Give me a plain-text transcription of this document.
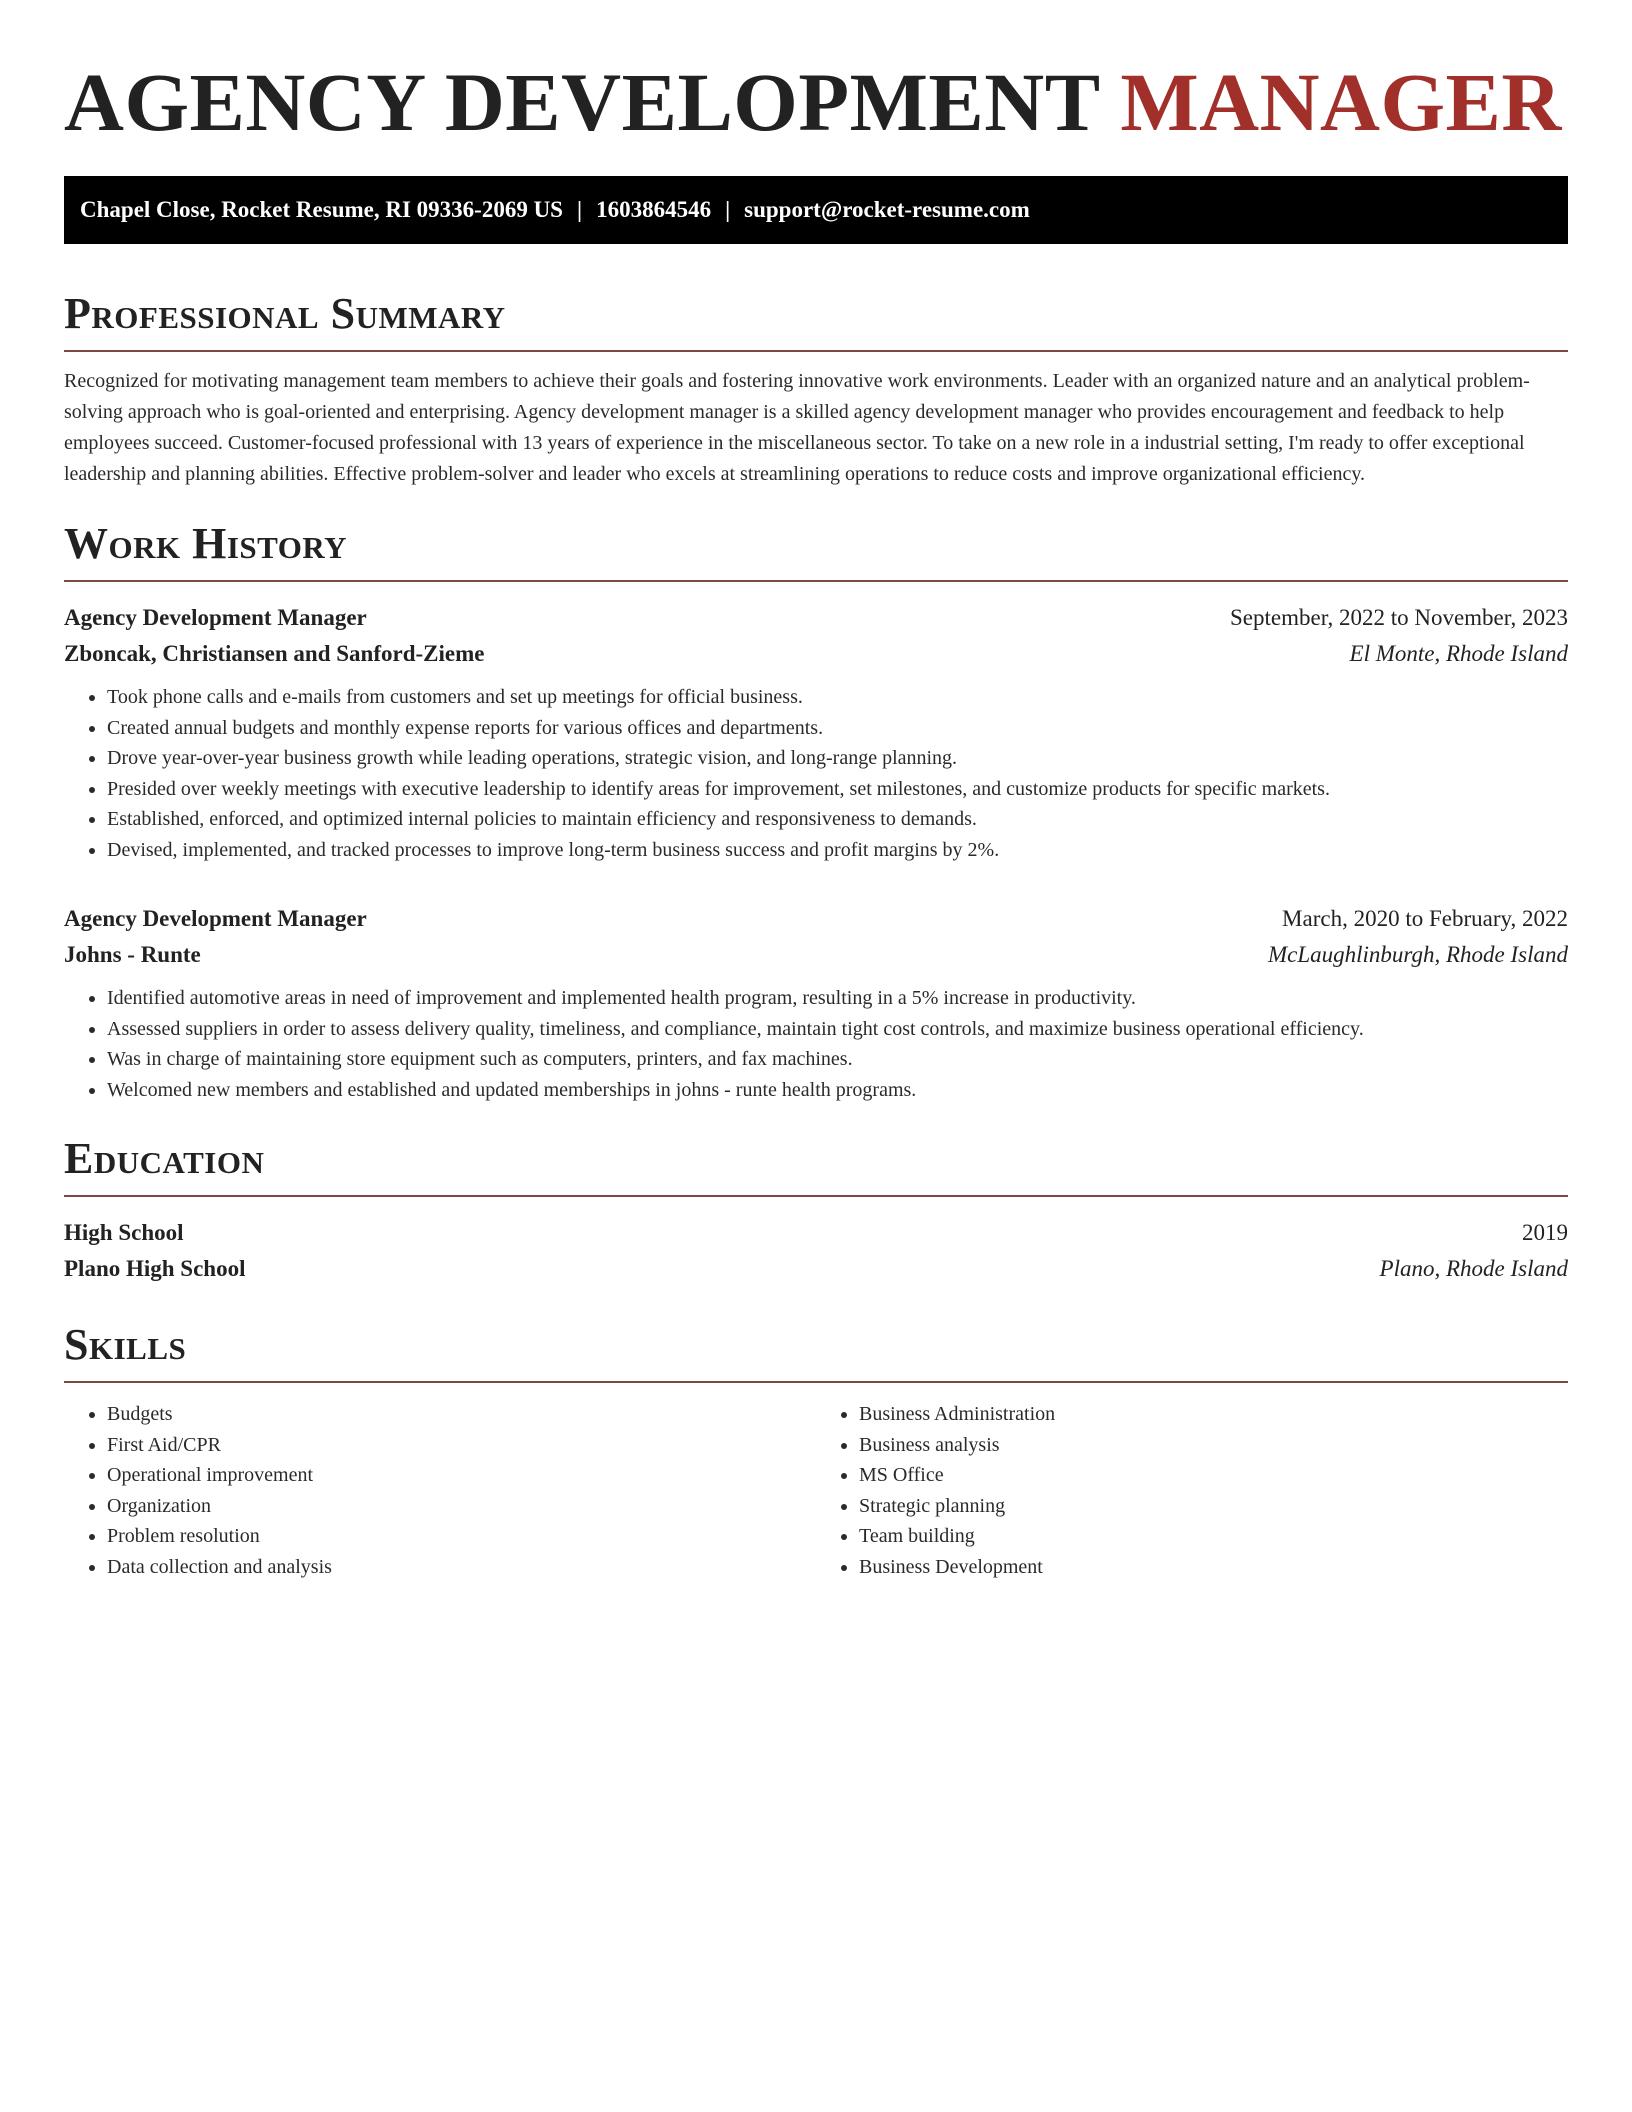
AGENCY DEVELOPMENT MANAGER
Chapel Close, Rocket Resume, RI 09336-2069 US | 1603864546 | support@rocket-resume.com
Professional Summary

Recognized for motivating management team members to achieve their goals and fostering innovative work environments. Leader with an organized nature and an analytical problem-solving approach who is goal-oriented and enterprising. Agency development manager is a skilled agency development manager who provides encouragement and feedback to help employees succeed. Customer-focused professional with 13 years of experience in the miscellaneous sector. To take on a new role in a industrial setting, I'm ready to offer exceptional leadership and planning abilities. Effective problem-solver and leader who excels at streamlining operations to reduce costs and improve organizational efficiency.

Work History
Agency Development Manager	September, 2022 to November, 2023
Zboncak, Christiansen and Sanford-Zieme	El Monte, Rhode Island
• Took phone calls and e-mails from customers and set up meetings for official business.
• Created annual budgets and monthly expense reports for various offices and departments.
• Drove year-over-year business growth while leading operations, strategic vision, and long-range planning.
• Presided over weekly meetings with executive leadership to identify areas for improvement, set milestones, and customize products for specific markets.
• Established, enforced, and optimized internal policies to maintain efficiency and responsiveness to demands.
• Devised, implemented, and tracked processes to improve long-term business success and profit margins by 2%.
Agency Development Manager	March, 2020 to February, 2022
Johns - Runte	McLaughlinburgh, Rhode Island
• Identified automotive areas in need of improvement and implemented health program, resulting in a 5% increase in productivity.
• Assessed suppliers in order to assess delivery quality, timeliness, and compliance, maintain tight cost controls, and maximize business operational efficiency.
• Was in charge of maintaining store equipment such as computers, printers, and fax machines.
• Welcomed new members and established and updated memberships in johns - runte health programs.
Education
High School	2019
Plano High School	Plano, Rhode Island
Skills
• Budgets
• First Aid/CPR
• Operational improvement
• Organization
• Problem resolution
• Data collection and analysis
• Business Administration
• Business analysis
• MS Office
• Strategic planning
• Team building
• Business Development
